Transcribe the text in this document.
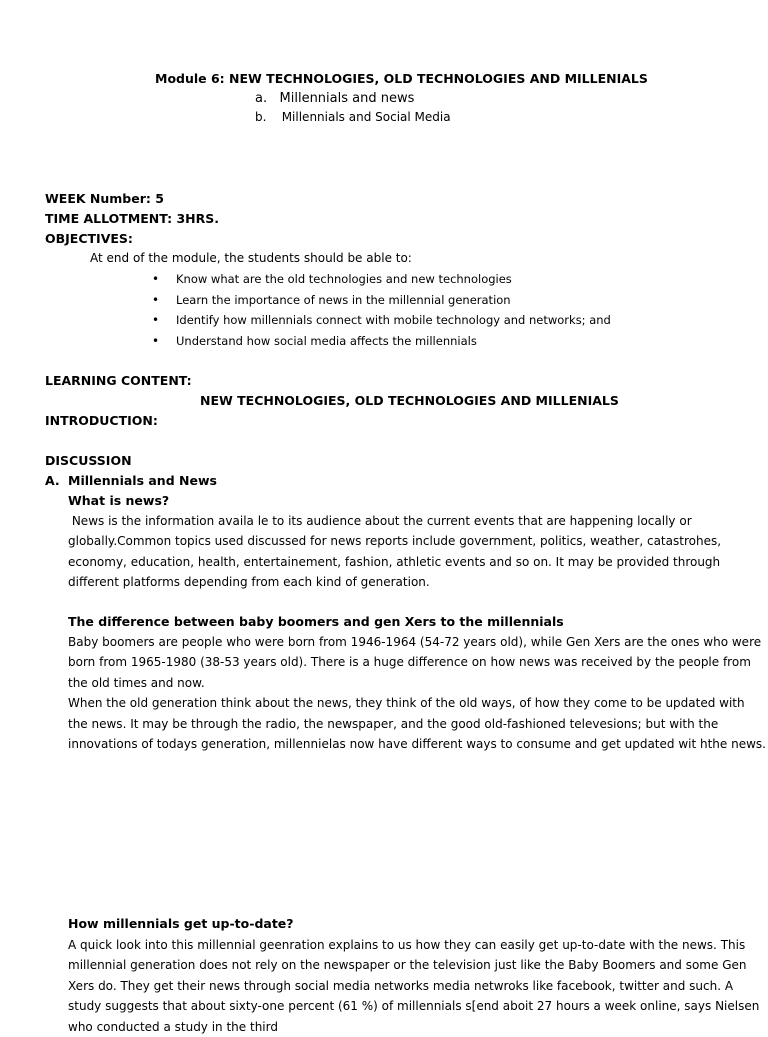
Module 6: NEW TECHNOLOGIES, OLD TECHNOLOGIES AND MILLENIALS
a. Millennials and news
b. Millennials and Social Media
WEEK Number: 5
TIME ALLOTMENT: 3HRS.
OBJECTIVES:
At end of the module, the students should be able to:
• Know what are the old technologies and new technologies
• Learn the importance of news in the millennial generation
• Identify how millennials connect with mobile technology and networks; and
• Understand how social media affects the millennials
LEARNING CONTENT:
NEW TECHNOLOGIES, OLD TECHNOLOGIES AND MILLENIALS
INTRODUCTION:
DISCUSSION
A. Millennials and News
What is news?

News is the information availa le to its audience about the current events that are happening locally or globally.Common topics used discussed for news reports include government, politics, weather, catastrohes, economy, education, health, entertainement, fashion, athletic events and so on. It may be provided through different platforms depending from each kind of generation.

The difference between baby boomers and gen Xers to the millennials

Baby boomers are people who were born from 1946-1964 (54-72 years old), while Gen Xers are the ones who were born from 1965-1980 (38-53 years old). There is a huge difference on how news was received by the people from the old times and now.

When the old generation think about the news, they think of the old ways, of how they come to be updated with the news. It may be through the radio, the newspaper, and the good old-fashioned televesions; but with the innovations of todays generation, millennielas now have different ways to consume and get updated wit hthe news.

How millennials get up-to-date?

A quick look into this millennial geenration explains to us how they can easily get up-to-date with the news. This millennial generation does not rely on the newspaper or the television just like the Baby Boomers and some Gen Xers do. They get their news through social media networks media netwroks like facebook, twitter and such. A study suggests that about sixty-one percent (61 %) of millennials s[end aboit 27 hours a week online, says Nielsen who conducted a study in the third
